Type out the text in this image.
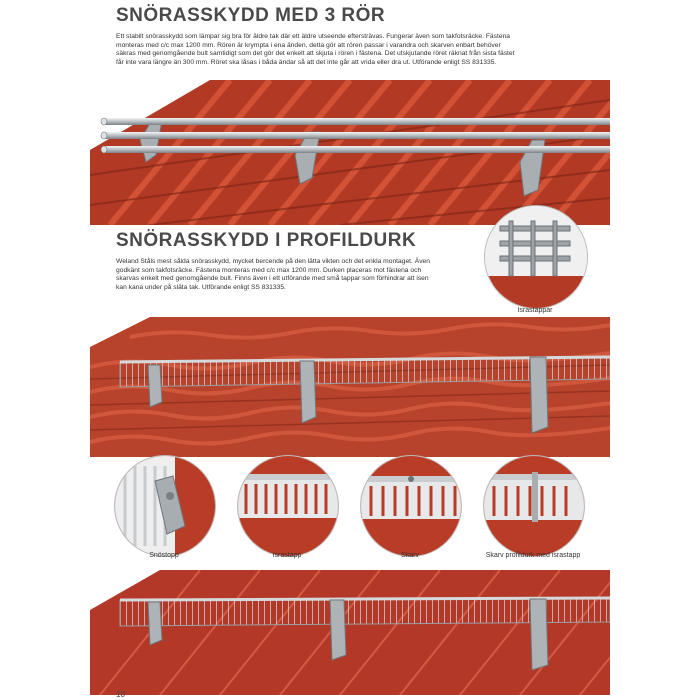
SNÖRASSKYDD MED 3 RÖR

Ett stabilt snörasskydd som lämpar sig bra för äldre tak där ett äldre utseende eftersträvas. Fungerar även som takfotsräcke. Fästena

monteras med c/c max 1200 mm. Rören är krympta i ena änden, detta gör att rören passar i varandra och skarven enbart behöver

säkras med genomgående bult samtidigt som det gör det enkelt att skjuta i rören i fästena. Det utskjutande röret räknat från sista fästet

får inte vara längre än 300 mm. Röret ska låsas i båda ändar så att det inte går att vrida eller dra ut. Utförande enligt SS 831335.

SNÖRASSKYDD I PROFILDURK

Weland Ståls mest sålda snörasskydd, mycket bercende på den lätta vikten och det enkla montaget. Även

godkänt som takfotsräcke. Fästena monteras med c/c max 1200 mm. Durken placeras mot fästena och

skarvas enkelt med genomgående bult. Finns även i ett utförande med små tappar som förhindrar att isen

kan kana under på släta tak. Utförande enligt SS 831335.

Israstappar
Snöstopp	Israstapp	Skarv	Skarv profildurk med israstapp
10
